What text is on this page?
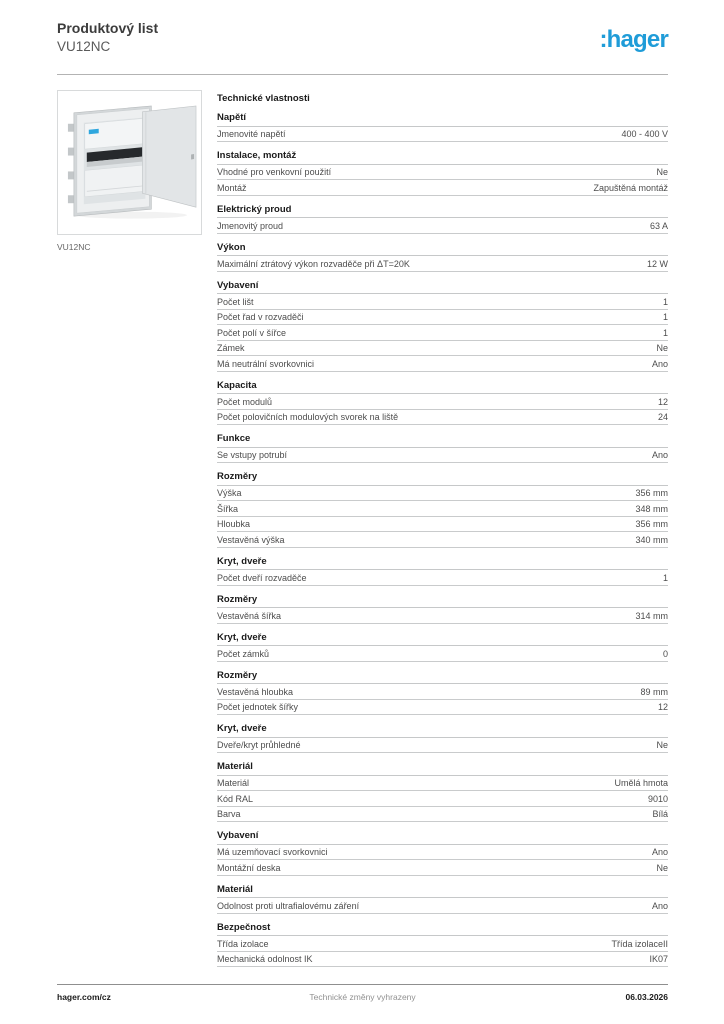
Produktový list
VU12NC	:hager
VU12NC
Technické vlastnosti
Napětí
Jmenovité napětí	400 - 400 V
Instalace, montáž
Vhodné pro venkovní použití	Ne
Montáž	Zapuštěná montáž
Elektrický proud
Jmenovitý proud	63 A
Výkon
Maximální ztrátový výkon rozvaděče při ΔT=20K	12 W
Vybavení
Počet lišt	1
Počet řad v rozvaděči	1
Počet polí v šířce	1
Zámek	Ne
Má neutrální svorkovnici	Ano
Kapacita
Počet modulů	12
Počet polovičních modulových svorek na liště	24
Funkce
Se vstupy potrubí	Ano
Rozměry
Výška	356 mm
Šířka	348 mm
Hloubka	356 mm
Vestavěná výška	340 mm
Kryt, dveře
Počet dveří rozvaděče	1
Rozměry
Vestavěná šířka	314 mm
Kryt, dveře
Počet zámků	0
Rozměry
Vestavěná hloubka	89 mm
Počet jednotek šířky	12
Kryt, dveře
Dveře/kryt průhledné	Ne
Materiál
Materiál	Umělá hmota
Kód RAL	9010
Barva	Bílá
Vybavení
Má uzemňovací svorkovnici	Ano
Montážní deska	Ne
Materiál
Odolnost proti ultrafialovému záření	Ano
Bezpečnost
Třída izolace	Třída izolaceII
Mechanická odolnost IK	IK07
hager.com/cz	Technické změny vyhrazeny	06.03.2026
